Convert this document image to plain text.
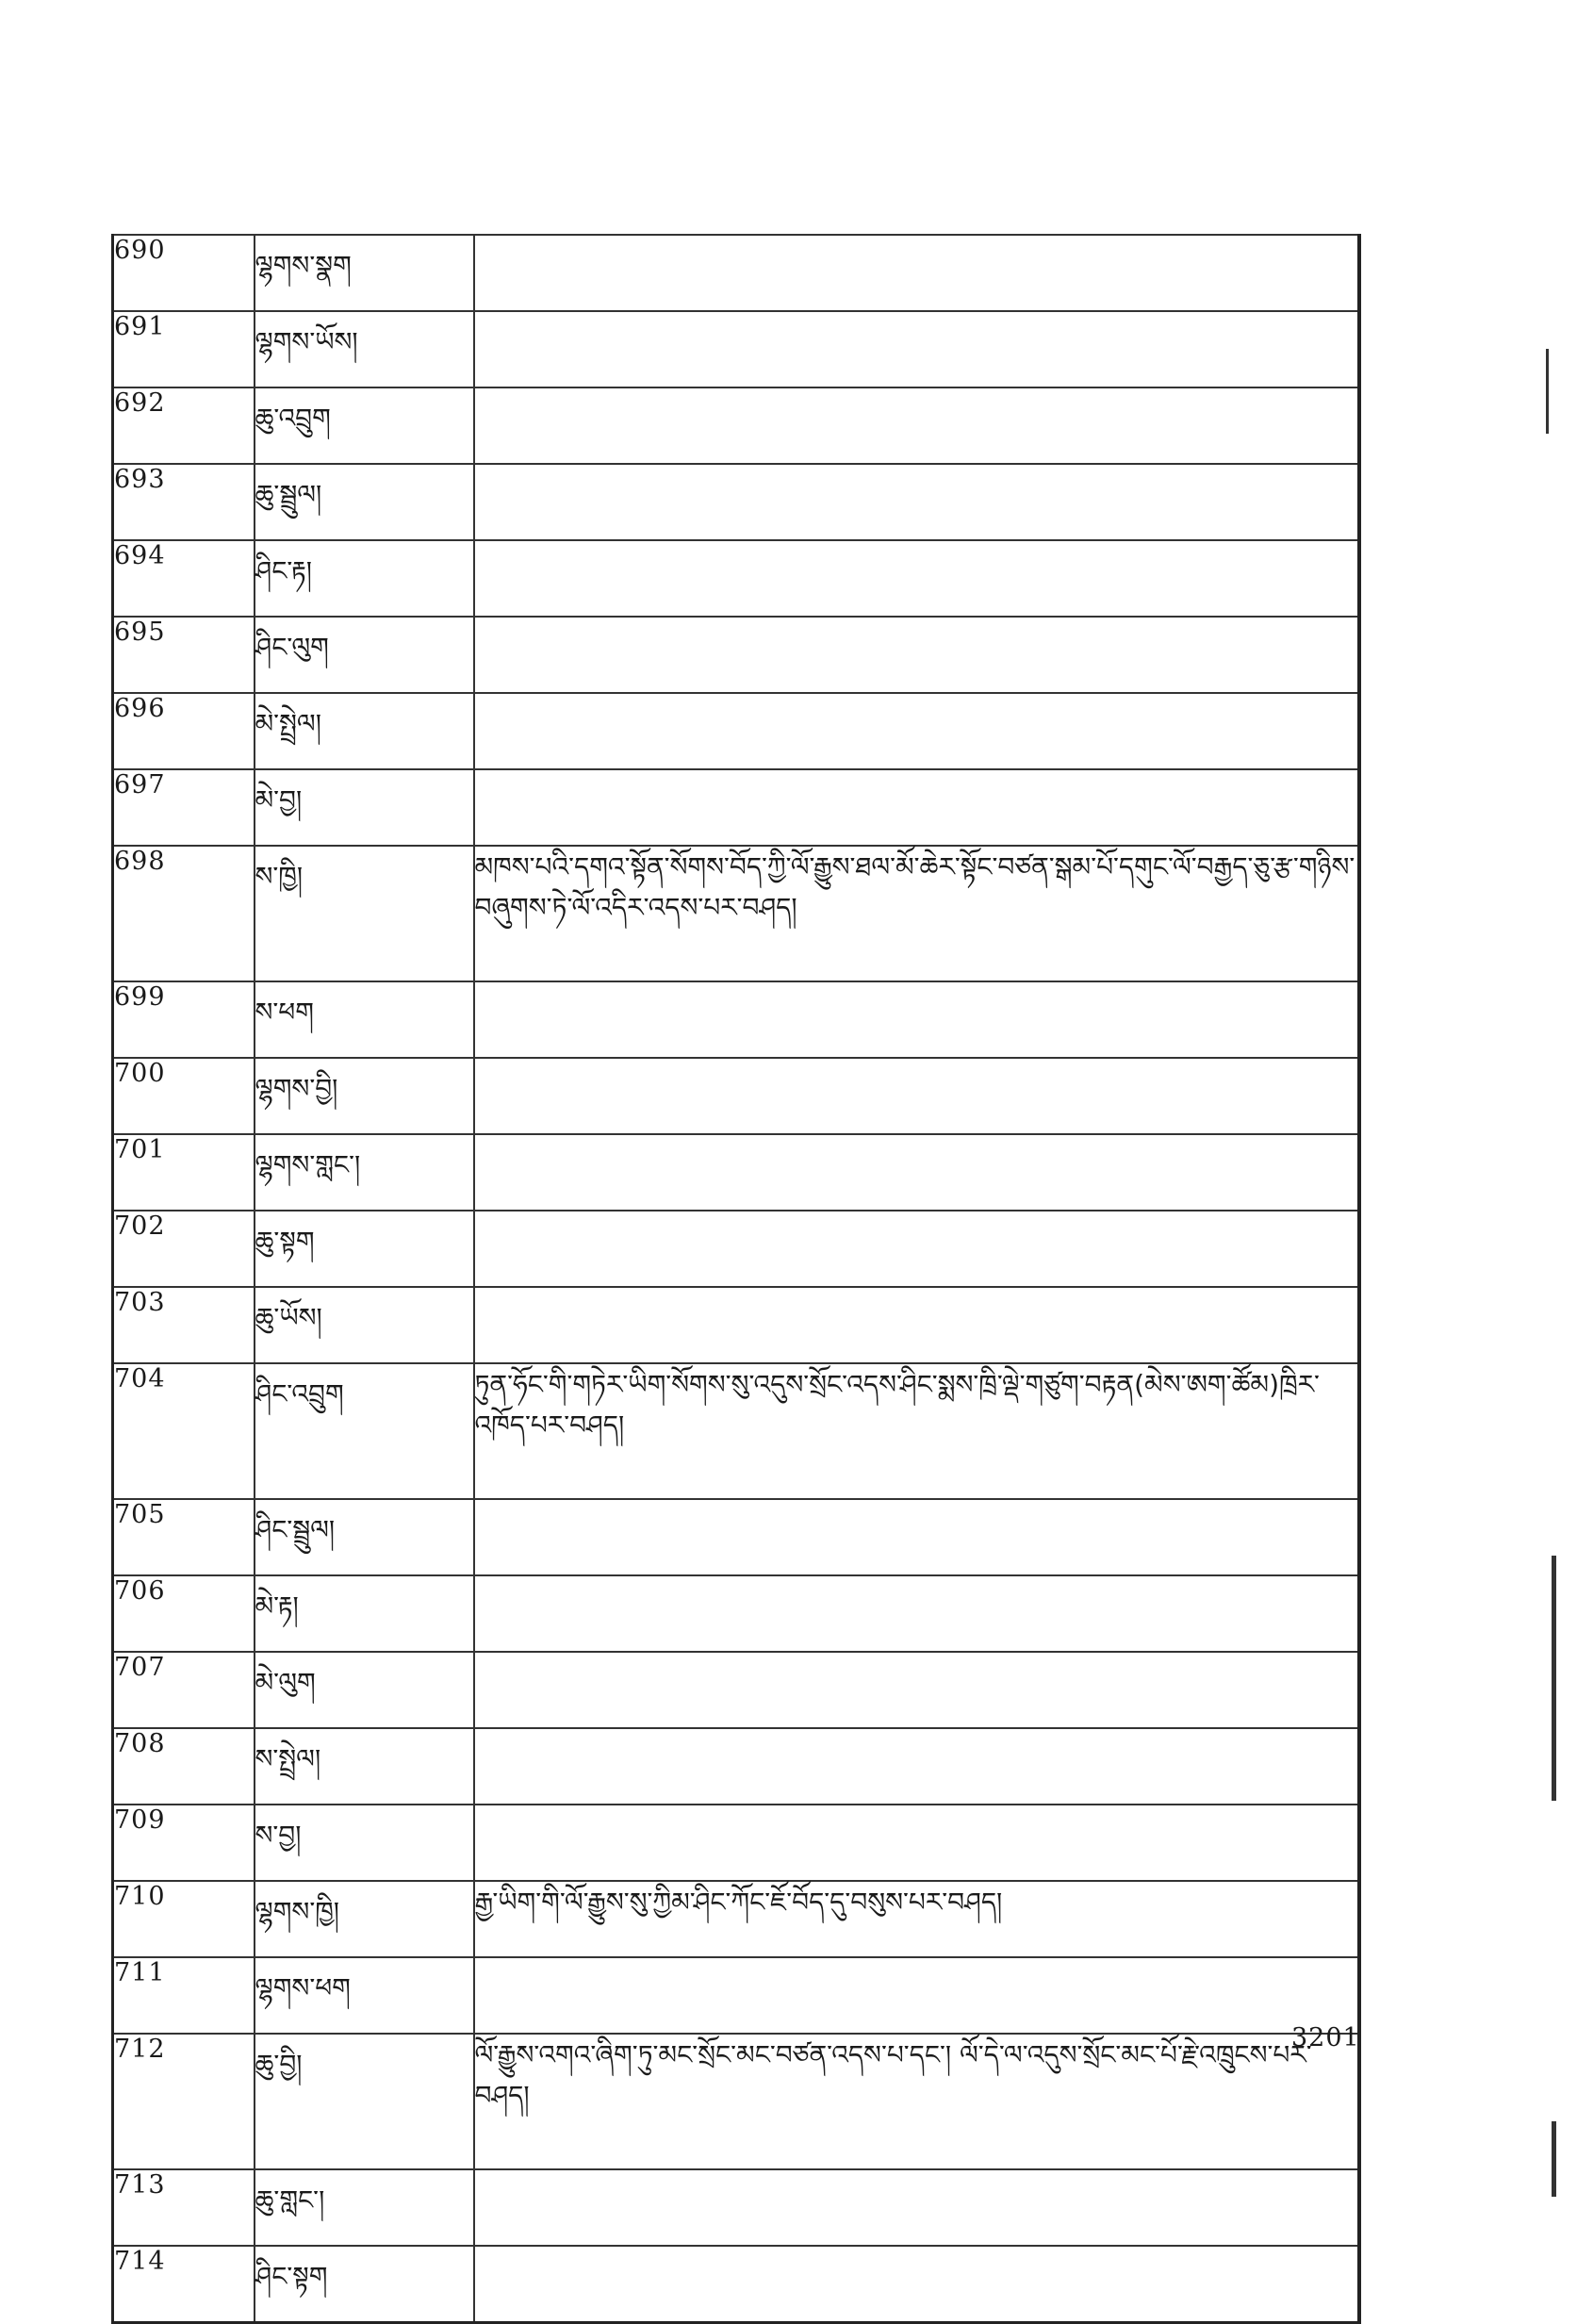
690	ལྷགས་སྣག	
691	ལྷགས་ཡོས།	
692	ཆུ་འབྲུག	
693	ཆུ་སྦྲུལ།	
694	ཤིང་རྟ།	
695	ཤིང་ལུག	
696	མེ་སྤྲེལ།	
697	མེ་བྱ།	
698	ས་ཁྱི།	མཁས་པའི་དགའ་སྟོན་སོགས་བོད་ཀྱི་ལོ་རྒྱུས་ཐལ་མོ་ཆེར་སྟོང་བཙན་སྒམ་པོ་དགུང་ལོ་བརྒྱད་ཅུ་རྩ་གཉིས་བཞུགས་ཏེ་ལོ་འདིར་འདས་པར་བཤད།
699	ས་ཕག	
700	ལྷགས་བྱི།	
701	ལྷགས་གླང་།	
702	ཆུ་སྟག	
703	ཆུ་ཡོས།	
704	ཤིང་འབྲུག	ཏུན་ཧོང་གི་གཏེར་ཡིག་སོགས་སུ་འདུས་སྲོང་འདས་ཤིང་སྨས་ཁྲི་ལྡེ་གཙུག་བརྟན(མེས་ཨག་ཚོམ)ཁྲིར་འཁོད་པར་བཤད།
705	ཤིང་སྦྲུལ།	
706	མེ་རྟ།	
707	མེ་ལུག	
708	ས་སྤྲེལ།	
709	ས་བྱ།	
710	ལྷགས་ཁྱི།	རྒྱ་ཡིག་གི་ལོ་རྒྱུས་སུ་ཀྱིམ་ཤིང་ཀོང་ཇོ་བོད་དུ་བསུས་པར་བཤད།
711	ལྷགས་ཕག	
712	ཆུ་བྱི།	ལོ་རྒྱུས་འགའ་ཞིག་ཏུ་མང་སྲོང་མང་བཙན་འདས་པ་དང་། ལོ་དེ་ལ་འདུས་སྲོང་མང་པོ་རྗེ་འཁྲུངས་པར་བཤད།
713	ཆུ་གླང་།	
714	ཤིང་སྟག	
3201
